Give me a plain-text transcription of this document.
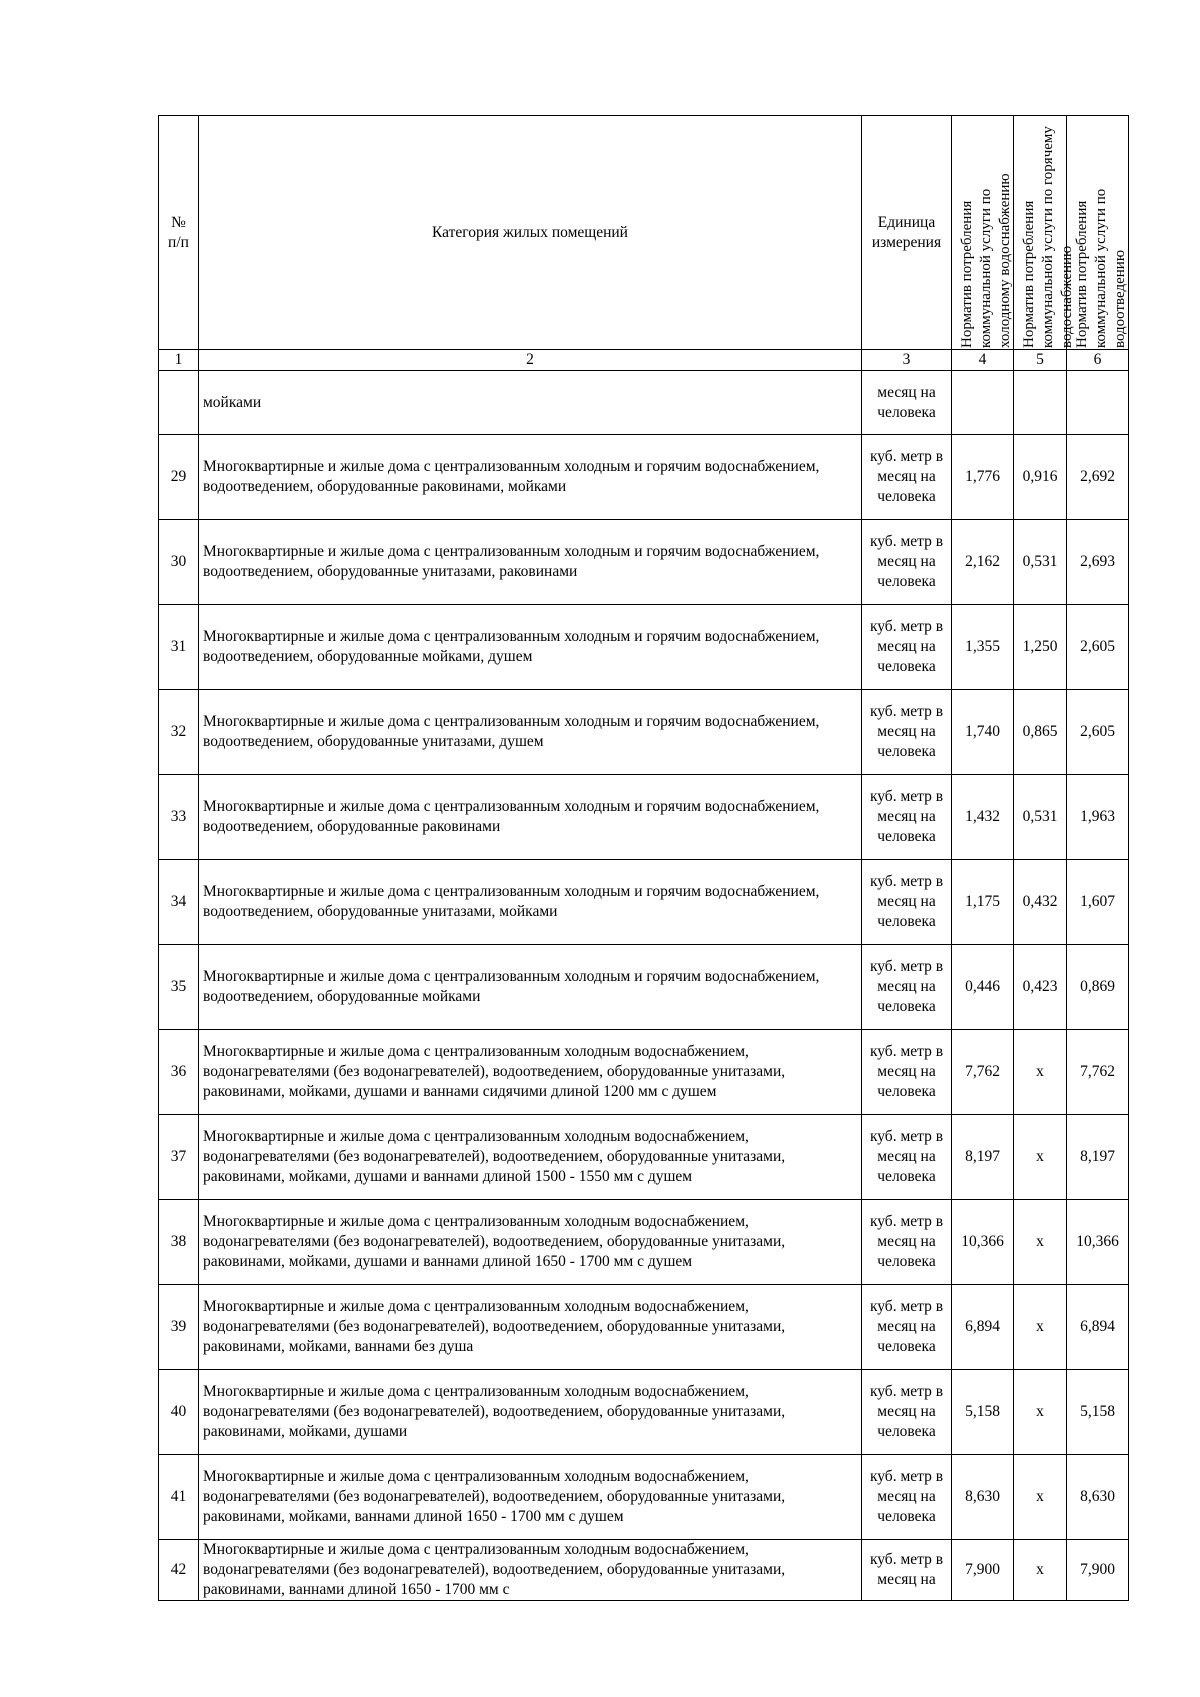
№ п/п	Категория жилых помещений	Единица измерения	Норматив потребления коммунальной услуги по холодному водоснабжению	Норматив потребления коммунальной услуги по горячему водоснабжению	Норматив потребления коммунальной услуги по водоотведению

1	2	3	4	5	6
	мойками	месяц на человека			
29	Многоквартирные и жилые дома с централизованным холодным и горячим водоснабжением, водоотведением, оборудованные раковинами, мойками	куб. метр в месяц на человека	1,776	0,916	2,692
30	Многоквартирные и жилые дома с централизованным холодным и горячим водоснабжением, водоотведением, оборудованные унитазами, раковинами	куб. метр в месяц на человека	2,162	0,531	2,693
31	Многоквартирные и жилые дома с централизованным холодным и горячим водоснабжением, водоотведением, оборудованные мойками, душем	куб. метр в месяц на человека	1,355	1,250	2,605
32	Многоквартирные и жилые дома с централизованным холодным и горячим водоснабжением, водоотведением, оборудованные унитазами, душем	куб. метр в месяц на человека	1,740	0,865	2,605
33	Многоквартирные и жилые дома с централизованным холодным и горячим водоснабжением, водоотведением, оборудованные раковинами	куб. метр в месяц на человека	1,432	0,531	1,963
34	Многоквартирные и жилые дома с централизованным холодным и горячим водоснабжением, водоотведением, оборудованные унитазами, мойками	куб. метр в месяц на человека	1,175	0,432	1,607
35	Многоквартирные и жилые дома с централизованным холодным и горячим водоснабжением, водоотведением, оборудованные мойками	куб. метр в месяц на человека	0,446	0,423	0,869
36	Многоквартирные и жилые дома с централизованным холодным водоснабжением, водонагревателями (без водонагревателей), водоотведением, оборудованные унитазами, раковинами, мойками, душами и ваннами сидячими длиной 1200 мм с душем	куб. метр в месяц на человека	7,762	х	7,762
37	Многоквартирные и жилые дома с централизованным холодным водоснабжением, водонагревателями (без водонагревателей), водоотведением, оборудованные унитазами, раковинами, мойками, душами и ваннами длиной 1500 - 1550 мм с душем	куб. метр в месяц на человека	8,197	х	8,197
38	Многоквартирные и жилые дома с централизованным холодным водоснабжением, водонагревателями (без водонагревателей), водоотведением, оборудованные унитазами, раковинами, мойками, душами и ваннами длиной 1650 - 1700 мм с душем	куб. метр в месяц на человека	10,366	х	10,366
39	Многоквартирные и жилые дома с централизованным холодным водоснабжением, водонагревателями (без водонагревателей), водоотведением, оборудованные унитазами, раковинами, мойками, ваннами без душа	куб. метр в месяц на человека	6,894	х	6,894
40	Многоквартирные и жилые дома с централизованным холодным водоснабжением, водонагревателями (без водонагревателей), водоотведением, оборудованные унитазами, раковинами, мойками, душами	куб. метр в месяц на человека	5,158	х	5,158
41	Многоквартирные и жилые дома с централизованным холодным водоснабжением, водонагревателями (без водонагревателей), водоотведением, оборудованные унитазами, раковинами, мойками, ваннами длиной 1650 - 1700 мм с душем	куб. метр в месяц на человека	8,630	х	8,630
42	Многоквартирные и жилые дома с централизованным холодным водоснабжением, водонагревателями (без водонагревателей), водоотведением, оборудованные унитазами, раковинами, ваннами длиной 1650 - 1700 мм с	куб. метр в месяц на	7,900	х	7,900
